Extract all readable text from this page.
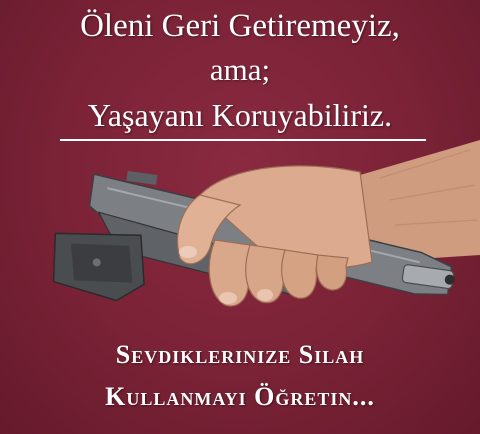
Öleni Geri Getiremeyiz,
ama;
Yaşayanı Koruyabiliriz.
Sevdiklerinize Silah
Kullanmayı Öğretin...
